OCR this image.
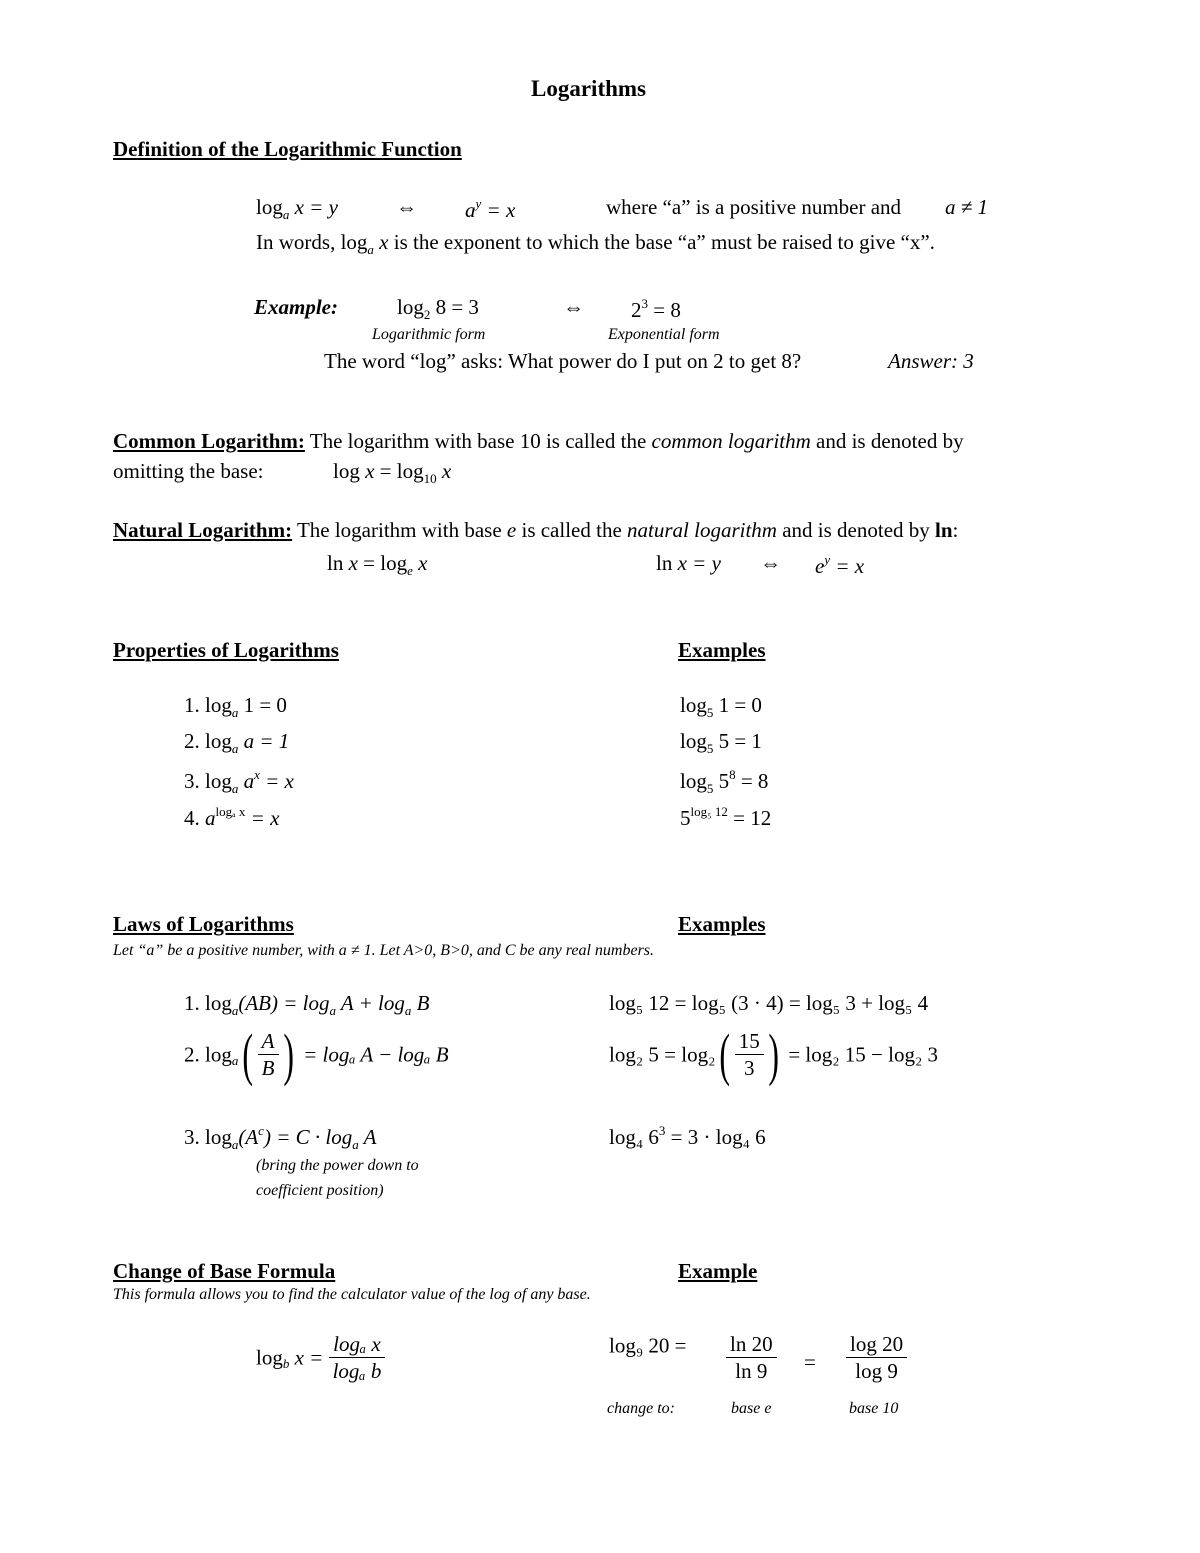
Logarithms
Definition of the Logarithmic Function
$\log_a x = y$	⇔ $a^y = x$	where “a” is a positive number and a ≠ 1
In words, $\log_a x$ is the exponent to which the base “a” must be raised to give “x”.
Example:	$\log_2 8 = 3$	⇔ $2^3 = 8$
Logarithmic form	Exponential form
The word “log” asks: What power do I put on 2 to get 8?	Answer: 3
Common Logarithm: The logarithm with base 10 is called the common logarithm and is denoted by
omitting the base:	$\log x = \log_{10} x$
Natural Logarithm: The logarithm with base e is called the natural logarithm and is denoted by ln:
$\ln x = \log_e x$	ln x = y ⇔ $e^y = x$
Properties of Logarithms	Examples
1. $\log_a 1 = 0$	$\log_5 1 = 0$
2. $\log_a a = 1$	$\log_5 5 = 1$
3. $\log_a a^x = x$	$\log_5 5^8 = 8$
4. $a^{log_a x} = x$	$5^{log_5 12} = 12$
Laws of Logarithms	Examples
Let “a” be a positive number, with a ≠ 1. Let A>0, B>0, and C be any real numbers.
1. $\log_a(AB) = \log_a A + \log_a B$	log₅ 12 = log₅ (3 · 4) = log₅ 3 + log₅ 4
2. $\log_a( \frac{A}{B}$ ) = logₐ A − logₐ B	log₂ $5 = \log_2( \frac{15}{3}$ ) = log₂ 15 − log₂ 3
3. $\log_a(A^c) = C \cdot \log_a A$	log₄ $6^3 = 3 \cdot \log_4$ 6
(bring the power down to
coefficient position)
Change of Base Formula	Example
This formula allows you to find the calculator value of the log of any base.
$\log_b x = \frac{\text{logₐ x}}{\text{logₐ b}}$	log₉ $20 = \frac{\ln 20}{\ln 9} = \frac{\log 20}{\log 9}$
change to:	base e	base 10
